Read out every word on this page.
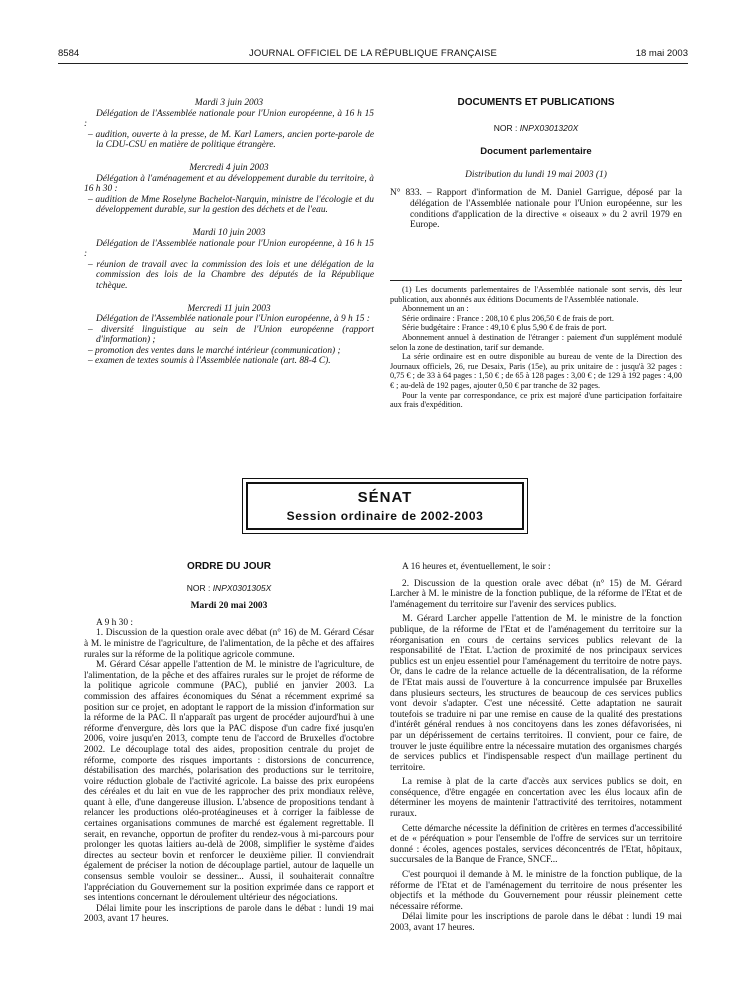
8584	JOURNAL OFFICIEL DE LA RÉPUBLIQUE FRANÇAISE	18 mai 2003

Mardi 3 juin 2003

Délégation de l'Assemblée nationale pour l'Union européenne, à 16 h 15 :

– audition, ouverte à la presse, de M. Karl Lamers, ancien porte-parole de la CDU-CSU en matière de politique étrangère.

Mercredi 4 juin 2003

Délégation à l'aménagement et au développement durable du territoire, à 16 h 30 :

– audition de Mme Roselyne Bachelot-Narquin, ministre de l'écologie et du développement durable, sur la gestion des déchets et de l'eau.

Mardi 10 juin 2003

Délégation de l'Assemblée nationale pour l'Union européenne, à 16 h 15 :

– réunion de travail avec la commission des lois et une délégation de la commission des lois de la Chambre des députés de la République tchèque.

Mercredi 11 juin 2003

Délégation de l'Assemblée nationale pour l'Union européenne, à 9 h 15 :

– diversité linguistique au sein de l'Union européenne (rapport d'information) ;

– promotion des ventes dans le marché intérieur (communication) ;

– examen de textes soumis à l'Assemblée nationale (art. 88-4 C).

DOCUMENTS ET PUBLICATIONS

NOR : INPX0301320X

Document parlementaire

Distribution du lundi 19 mai 2003 (1)

N° 833. – Rapport d'information de M. Daniel Garrigue, déposé par la délégation de l'Assemblée nationale pour l'Union européenne, sur les conditions d'application de la directive « oiseaux » du 2 avril 1979 en Europe.

(1) Les documents parlementaires de l'Assemblée nationale sont servis, dès leur publication, aux abonnés aux éditions Documents de l'Assemblée nationale.

Abonnement un an :

Série ordinaire : France : 208,10 € plus 206,50 € de frais de port.

Série budgétaire : France : 49,10 € plus 5,90 € de frais de port.

Abonnement annuel à destination de l'étranger : paiement d'un supplément modulé selon la zone de destination, tarif sur demande.

La série ordinaire est en outre disponible au bureau de vente de la Direction des Journaux officiels, 26, rue Desaix, Paris (15e), au prix unitaire de : jusqu'à 32 pages : 0,75 € ; de 33 à 64 pages : 1,50 € ; de 65 à 128 pages : 3,00 € ; de 129 à 192 pages : 4,00 € ; au-delà de 192 pages, ajouter 0,50 € par tranche de 32 pages.

Pour la vente par correspondance, ce prix est majoré d'une participation forfaitaire aux frais d'expédition.

SÉNAT
Session ordinaire de 2002-2003

ORDRE DU JOUR

NOR : INPX0301305X

Mardi 20 mai 2003

A 9 h 30 :

1. Discussion de la question orale avec débat (n° 16) de M. Gérard César à M. le ministre de l'agriculture, de l'alimentation, de la pêche et des affaires rurales sur la réforme de la politique agricole commune.

M. Gérard César appelle l'attention de M. le ministre de l'agriculture, de l'alimentation, de la pêche et des affaires rurales sur le projet de réforme de la politique agricole commune (PAC), publié en janvier 2003. La commission des affaires économiques du Sénat a récemment exprimé sa position sur ce projet, en adoptant le rapport de la mission d'information sur la réforme de la PAC. Il n'apparaît pas urgent de procéder aujourd'hui à une réforme d'envergure, dès lors que la PAC dispose d'un cadre fixé jusqu'en 2006, voire jusqu'en 2013, compte tenu de l'accord de Bruxelles d'octobre 2002. Le découplage total des aides, proposition centrale du projet de réforme, comporte des risques importants : distorsions de concurrence, déstabilisation des marchés, polarisation des productions sur le territoire, voire réduction globale de l'activité agricole. La baisse des prix européens des céréales et du lait en vue de les rapprocher des prix mondiaux relève, quant à elle, d'une dangereuse illusion. L'absence de propositions tendant à relancer les productions oléo-protéagineuses et à corriger la faiblesse de certaines organisations communes de marché est également regrettable. Il serait, en revanche, opportun de profiter du rendez-vous à mi-parcours pour prolonger les quotas laitiers au-delà de 2008, simplifier le système d'aides directes au secteur bovin et renforcer le deuxième pilier. Il conviendrait également de préciser la notion de découplage partiel, autour de laquelle un consensus semble vouloir se dessiner... Aussi, il souhaiterait connaître l'appréciation du Gouvernement sur la position exprimée dans ce rapport et ses intentions concernant le déroulement ultérieur des négociations.

Délai limite pour les inscriptions de parole dans le débat : lundi 19 mai 2003, avant 17 heures.

A 16 heures et, éventuellement, le soir :

2. Discussion de la question orale avec débat (n° 15) de M. Gérard Larcher à M. le ministre de la fonction publique, de la réforme de l'Etat et de l'aménagement du territoire sur l'avenir des services publics.

M. Gérard Larcher appelle l'attention de M. le ministre de la fonction publique, de la réforme de l'Etat et de l'aménagement du territoire sur la réorganisation en cours de certains services publics relevant de la responsabilité de l'Etat. L'action de proximité de nos principaux services publics est un enjeu essentiel pour l'aménagement du territoire de notre pays. Or, dans le cadre de la relance actuelle de la décentralisation, de la réforme de l'Etat mais aussi de l'ouverture à la concurrence impulsée par Bruxelles dans plusieurs secteurs, les structures de beaucoup de ces services publics vont devoir s'adapter. C'est une nécessité. Cette adaptation ne saurait toutefois se traduire ni par une remise en cause de la qualité des prestations d'intérêt général rendues à nos concitoyens dans les zones défavorisées, ni par un dépérissement de certains territoires. Il convient, pour ce faire, de trouver le juste équilibre entre la nécessaire mutation des organismes chargés de services publics et l'indispensable respect d'un maillage pertinent du territoire.

La remise à plat de la carte d'accès aux services publics se doit, en conséquence, d'être engagée en concertation avec les élus locaux afin de déterminer les moyens de maintenir l'attractivité des territoires, notamment ruraux.

Cette démarche nécessite la définition de critères en termes d'accessibilité et de « péréquation » pour l'ensemble de l'offre de services sur un territoire donné : écoles, agences postales, services déconcentrés de l'Etat, hôpitaux, succursales de la Banque de France, SNCF...

C'est pourquoi il demande à M. le ministre de la fonction publique, de la réforme de l'Etat et de l'aménagement du territoire de nous présenter les objectifs et la méthode du Gouvernement pour réussir pleinement cette nécessaire réforme.

Délai limite pour les inscriptions de parole dans le débat : lundi 19 mai 2003, avant 17 heures.
